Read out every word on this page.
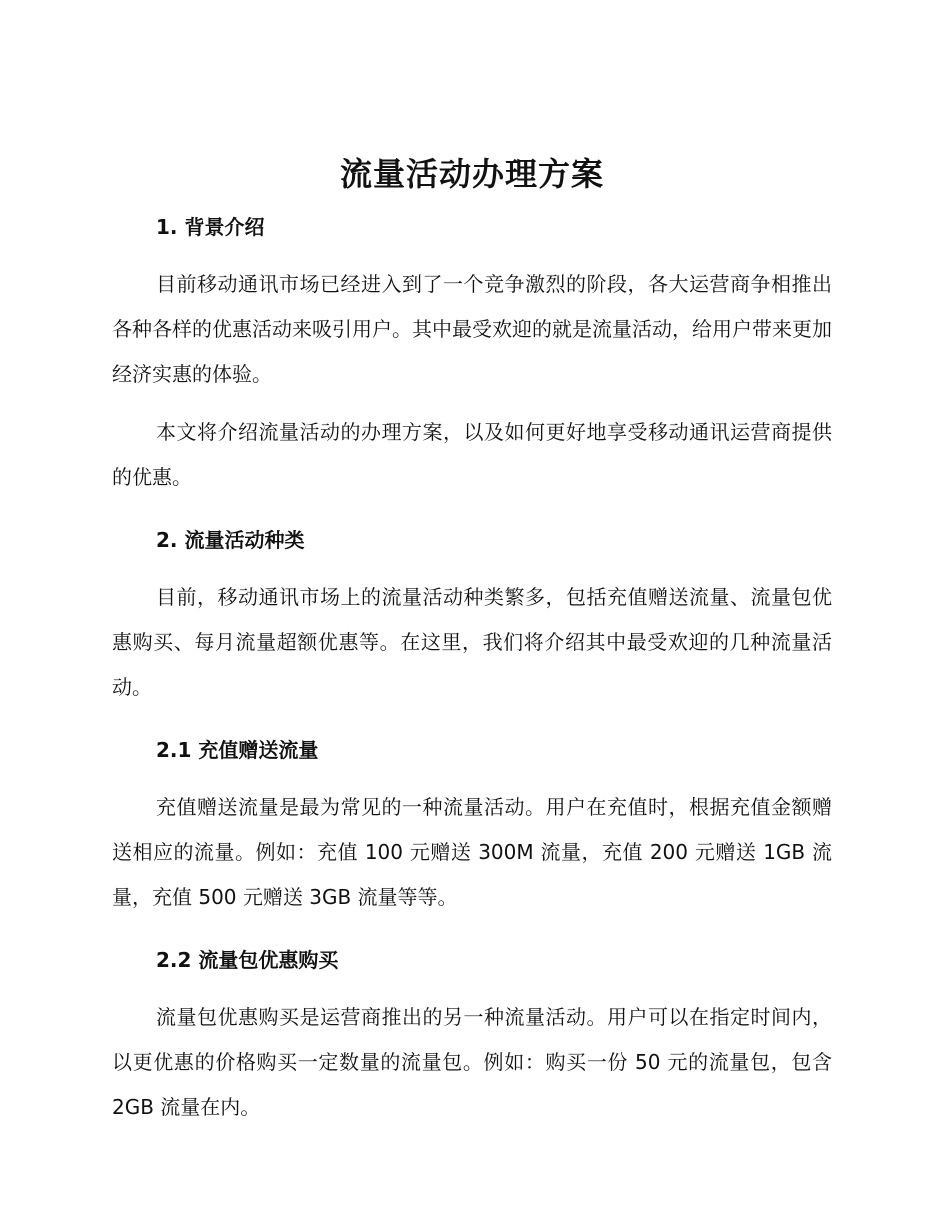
流量活动办理方案
1. 背景介绍

目前移动通讯市场已经进入到了一个竞争激烈的阶段，各大运营商争相推出各种各样的优惠活动来吸引用户。其中最受欢迎的就是流量活动，给用户带来更加经济实惠的体验。

本文将介绍流量活动的办理方案，以及如何更好地享受移动通讯运营商提供的优惠。

2. 流量活动种类

目前，移动通讯市场上的流量活动种类繁多，包括充值赠送流量、流量包优惠购买、每月流量超额优惠等。在这里，我们将介绍其中最受欢迎的几种流量活动。

2.1 充值赠送流量

充值赠送流量是最为常见的一种流量活动。用户在充值时，根据充值金额赠送相应的流量。例如：充值 100 元赠送 300M 流量，充值 200 元赠送 1GB 流量，充值 500 元赠送 3GB 流量等等。

2.2 流量包优惠购买

流量包优惠购买是运营商推出的另一种流量活动。用户可以在指定时间内，以更优惠的价格购买一定数量的流量包。例如：购买一份 50 元的流量包，包含 2GB 流量在内。
